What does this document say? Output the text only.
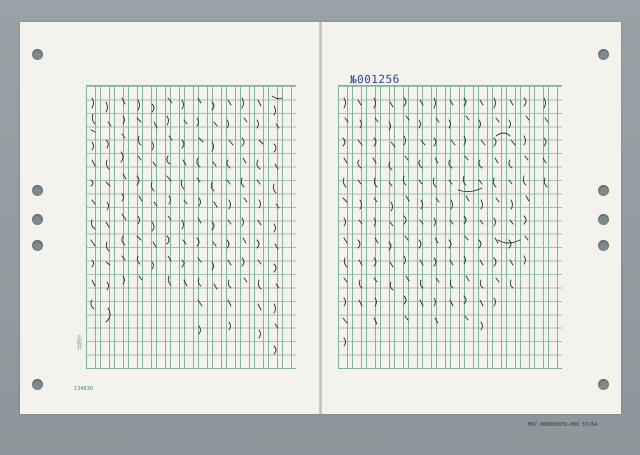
№001256
出版社
134830
M07.00B000039-000 57/64
